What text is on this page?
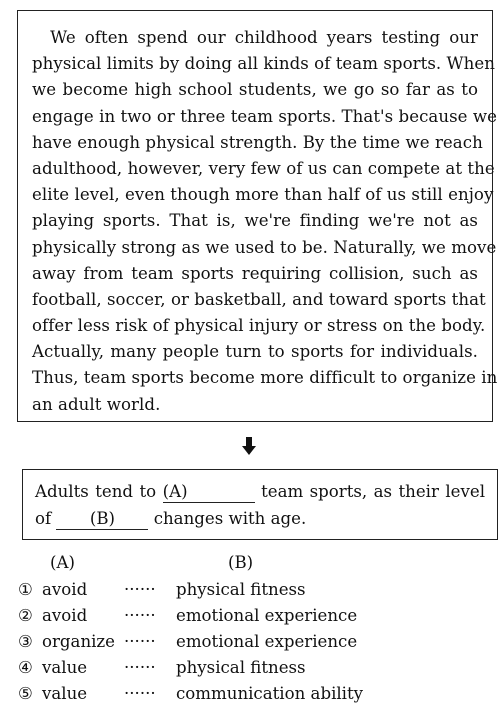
We often spend our childhood years testing our
physical limits by doing all kinds of team sports. When
we become high school students, we go so far as to
engage in two or three team sports. That's because we
have enough physical strength. By the time we reach
adulthood, however, very few of us can compete at the
elite level, even though more than half of us still enjoy
playing sports. That is, we're finding we're not as
physically strong as we used to be. Naturally, we move
away from team sports requiring collision, such as
football, soccer, or basketball, and toward sports that
offer less risk of physical injury or stress on the body.
Actually, many people turn to sports for individuals.
Thus, team sports become more difficult to organize in
an adult world.
Adults tend to (A)	team sports, as their level
of (B) changes with age.
(A)	(B)
① avoid ······ physical fitness
② avoid ······ emotional experience
③ organize ······ emotional experience
④ value ······ physical fitness
⑤ value ······ communication ability
